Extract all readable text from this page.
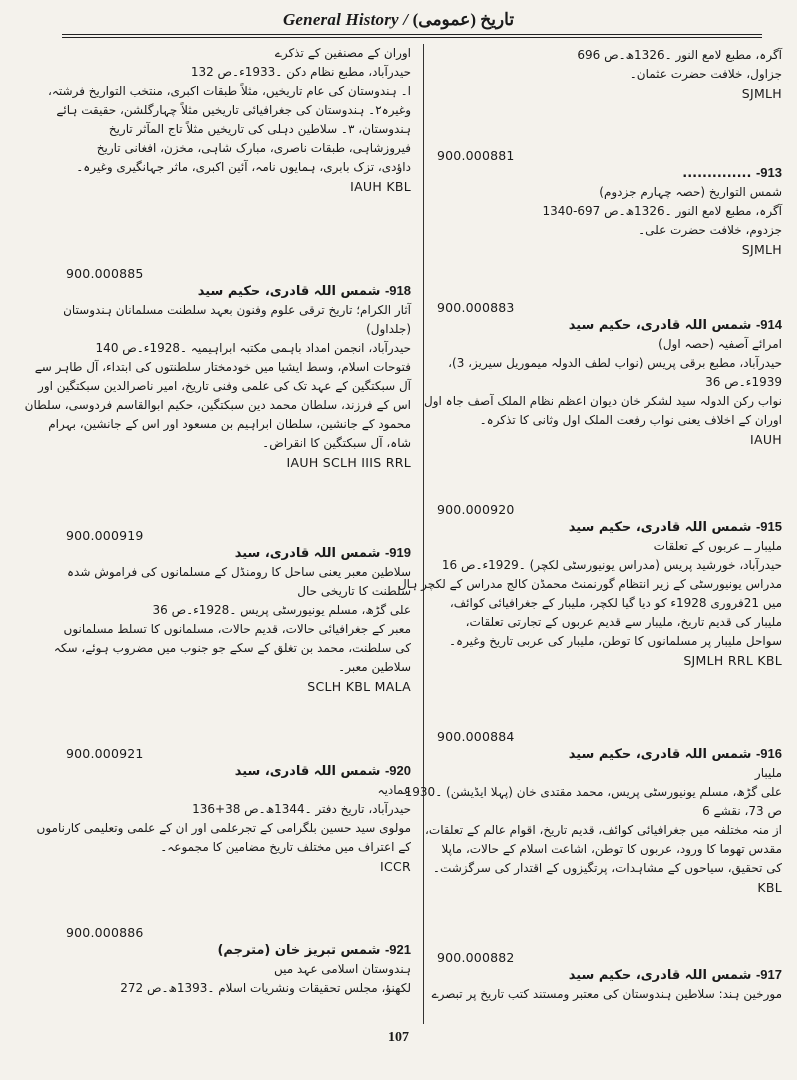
General History / تاریخ (عمومی)
اوران کے مصنفین کے تذکرے
حیدرآباد، مطبع نظام دکن ۔1933ء۔ص 132
ا۔ ہندوستان کی عام تاریخیں، مثلاً طبقات اکبری، منتخب التواریخ فرشتہ،
وغیرہ۲۔ ہندوستان کی جغرافیائی تاریخیں مثلاً چہارگلشن، حقیقت ہائے
ہندوستان، ۳۔ سلاطین دہلی کی تاریخیں مثلاً تاج المآثر تاریخ
فیروزشاہی، طبقات ناصری، مبارک شاہی، مخزن، افغانی تاریخ
داؤدی، تزک بابری، ہمایوں نامہ، آئین اکبری، ماثر جہانگیری وغیرہ۔
IAUH KBL
900.000885
918- شمس اللہ قادری، حکیم سید
آثار الکرام؛ تاریخ ترقی علوم وفنون بعہد سلطنت مسلمانان ہندوستان
(جلداول)
حیدرآباد، انجمن امداد باہمی مکتبہ ابراہیمیہ ۔1928ء۔ص 140
فتوحات اسلام، وسط ایشیا میں خودمختار سلطنتوں کی ابتداء، آل طاہر سے
آل سبکتگین کے عہد تک کی علمی وفنی تاریخ، امیر ناصرالدین سبکتگین اور
اس کے فرزند، سلطان محمد دین سبکتگین، حکیم ابوالقاسم فردوسی، سلطان
محمود کے جانشین، سلطان ابراہیم بن مسعود اور اس کے جانشین، بہرام
شاہ، آل سبکتگین کا انقراض۔
IAUH SCLH IIIS RRL
900.000919
919- شمس اللہ قادری، سید
سلاطین معبر یعنی ساحل کا رومنڈل کے مسلمانوں کی فراموش شدہ
سلطنت کا تاریخی حال
علی گڑھ، مسلم یونیورسٹی پریس ۔1928ء۔ص 36
معبر کے جغرافیائی حالات، قدیم حالات، مسلمانوں کا تسلط مسلمانوں
کی سلطنت، محمد بن تغلق کے سکے جو جنوب میں مضروب ہوئے، سکہ
سلاطین معبر۔
SCLH KBL MALA
900.000921
920- شمس اللہ قادری، سید
عمادیہ
حیدرآباد، تاریخ دفتر ۔1344ھ۔ص 38+136
مولوی سید حسین بلگرامی کے تجرعلمی اور ان کے علمی وتعلیمی کارناموں
کے اعتراف میں مختلف تاریخ مضامین کا مجموعہ۔
ICCR
900.000886
921- شمس تبریز خان (مترجم)
ہندوستان اسلامی عہد میں
لکھنؤ، مجلس تحقیقات ونشریات اسلام ۔1393ھ۔ص 272
آگرہ، مطبع لامع النور ۔1326ھ۔ص 696
جزاول، خلافت حضرت عثمان۔
SJMLH
900.000881
913- ..............
شمس التواریخ (حصہ چہارم جزدوم)
آگرہ، مطبع لامع النور ۔1326ھ۔ص 697-1340
جزدوم، خلافت حضرت علی۔
SJMLH
900.000883
914- شمس اللہ قادری، حکیم سید
امرائے آصفیہ (حصہ اول)
حیدرآباد، مطبع برقی پریس (نواب لطف الدولہ میموریل سیریز، 3)،
1939ء۔ص 36
نواب رکن الدولہ سید لشکر خان دیوان اعظم نظام الملک آصف جاہ اول
اوران کے اخلاف یعنی نواب رفعت الملک اول وثانی کا تذکرہ۔
IAUH
900.000920
915- شمس اللہ قادری، حکیم سید
ملیبار ــ عربوں کے تعلقات
حیدرآباد، خورشید پریس (مدراس یونیورسٹی لکچر) ۔1929ء۔ص 16
مدراس یونیورسٹی کے زیر انتظام گورنمنٹ محمڈن کالج مدراس کے لکچر ہال
میں 21فروری 1928ء کو دیا گیا لکچر، ملیبار کے جغرافیائی کوائف،
ملیبار کی قدیم تاریخ، ملیبار سے قدیم عربوں کے تجارتی تعلقات،
سواحل ملیبار پر مسلمانوں کا توطن، ملیبار کی عربی تاریخ وغیرہ۔
SJMLH RRL KBL
900.000884
916- شمس اللہ قادری، حکیم سید
ملیبار
علی گڑھ، مسلم یونیورسٹی پریس، محمد مقتدی خان (پہلا ایڈیشن) ۔1930
ص 73، نقشے 6
از منہ مختلفہ میں جغرافیائی کوائف، قدیم تاریخ، اقوام عالم کے تعلقات،
مقدس تھوما کا ورود، عربوں کا توطن، اشاعت اسلام کے حالات، ماپلا
کی تحقیق، سیاحوں کے مشاہدات، پرتگیزوں کے اقتدار کی سرگزشت۔
KBL
900.000882
917- شمس اللہ قادری، حکیم سید
مورخین ہند: سلاطین ہندوستان کی معتبر ومستند کتب تاریخ پر تبصرے
107
